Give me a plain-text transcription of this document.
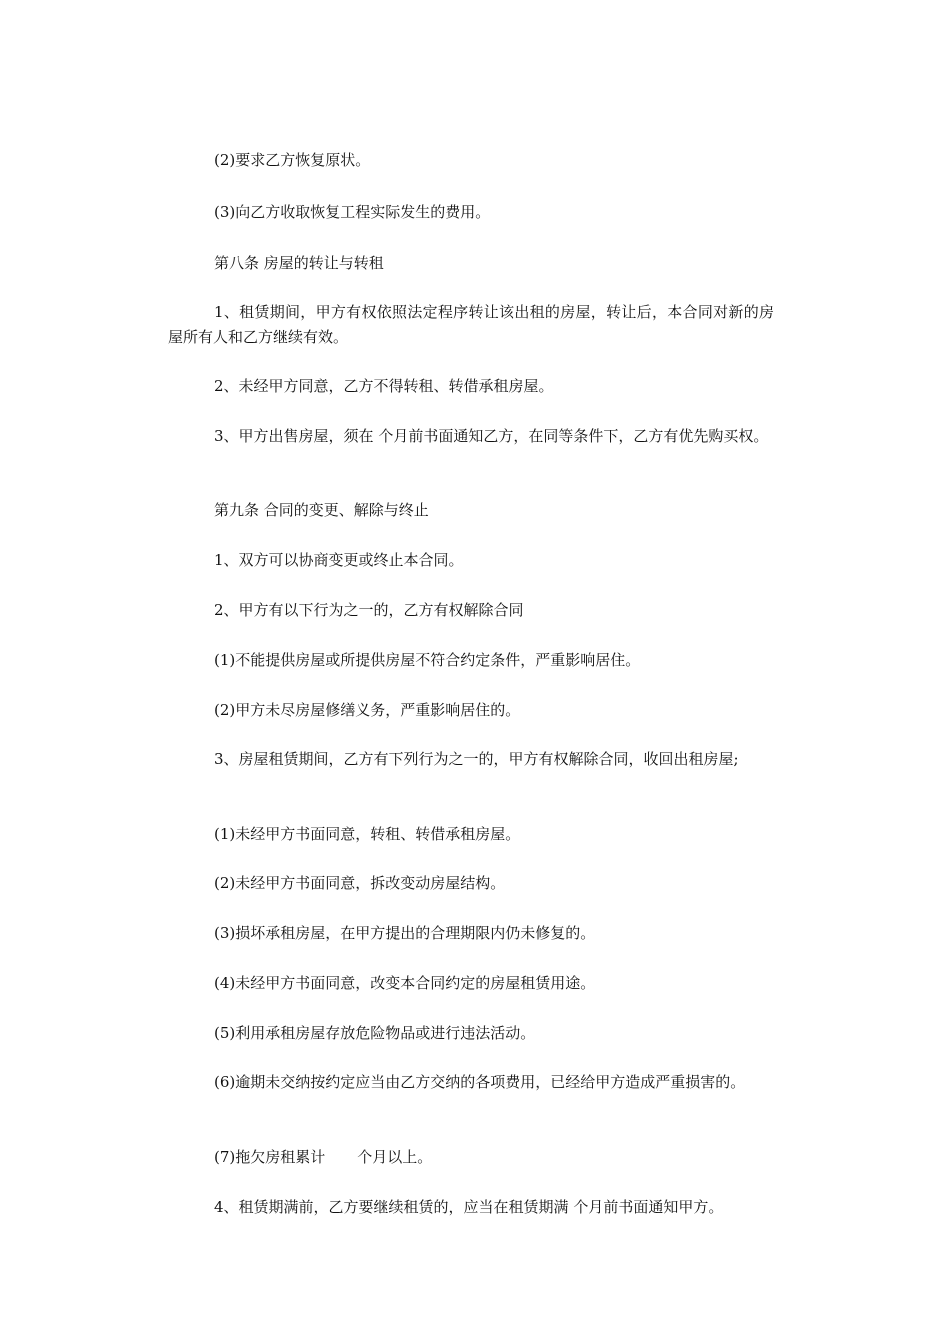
(2)要求乙方恢复原状。

(3)向乙方收取恢复工程实际发生的费用。

第八条 房屋的转让与转租

1、租赁期间，甲方有权依照法定程序转让该出租的房屋，转让后，本合同对新的房屋所有人和乙方继续有效。

2、未经甲方同意，乙方不得转租、转借承租房屋。

3、甲方出售房屋，须在 个月前书面通知乙方，在同等条件下，乙方有优先购买权。

第九条 合同的变更、解除与终止

1、双方可以协商变更或终止本合同。

2、甲方有以下行为之一的，乙方有权解除合同

(1)不能提供房屋或所提供房屋不符合约定条件，严重影响居住。

(2)甲方未尽房屋修缮义务，严重影响居住的。

3、房屋租赁期间，乙方有下列行为之一的，甲方有权解除合同，收回出租房屋;

(1)未经甲方书面同意，转租、转借承租房屋。

(2)未经甲方书面同意，拆改变动房屋结构。

(3)损坏承租房屋，在甲方提出的合理期限内仍未修复的。

(4)未经甲方书面同意，改变本合同约定的房屋租赁用途。

(5)利用承租房屋存放危险物品或进行违法活动。

(6)逾期未交纳按约定应当由乙方交纳的各项费用，已经给甲方造成严重损害的。

(7)拖欠房租累计 个月以上。

4、租赁期满前，乙方要继续租赁的，应当在租赁期满 个月前书面通知甲方。
